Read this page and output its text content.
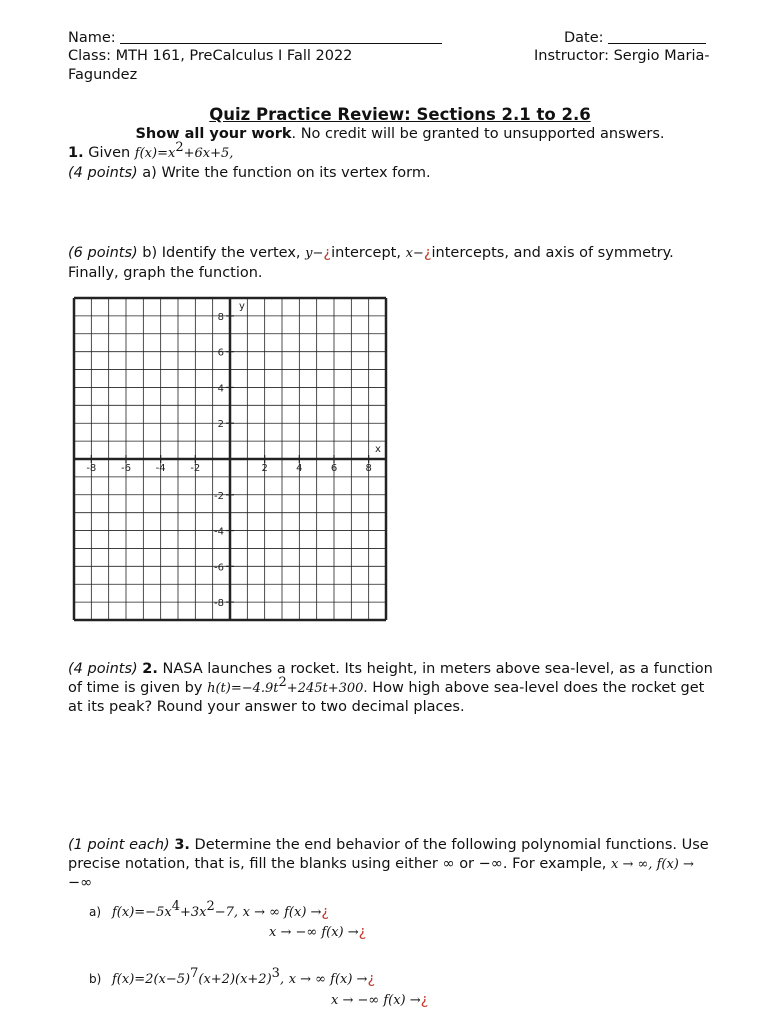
Name:	Date:
Class: MTH 161, PreCalculus I Fall 2022	Instructor: Sergio Maria-
Fagundez
Quiz Practice Review: Sections 2.1 to 2.6
Show all your work. No credit will be granted to unsupported answers.
1. Given $f(x)=x^2+6x+5$,
(4 points) a) Write the function on its vertex form.
(6 points) b) Identify the vertex, y−¿intercept, x−¿intercepts, and axis of symmetry.
Finally, graph the function.
-8 -6 -4 -2	2	4	6	8
8
6
4
2
-2
-4
-6
-8
x
y
(4 points) 2. NASA launches a rocket. Its height, in meters above sea-level, as a function
of time is given by $h(t)=-4.9t^2+245t+300$. How high above sea-level does the rocket get
at its peak? Round your answer to two decimal places.
(1 point each) 3. Determine the end behavior of the following polynomial functions. Use
precise notation, that is, fill the blanks using either ∞ or −∞. For example, x → ∞, f(x) →
−∞
a) $f(x)=-5x^4+3x^2-7$, x → ∞ f(x) →¿
x → −∞ f(x) →¿
b) $f(x)=2(x-5)^7(x+2)(x+2)^3$, x → ∞ f(x) →¿
x → −∞ f(x) →¿
